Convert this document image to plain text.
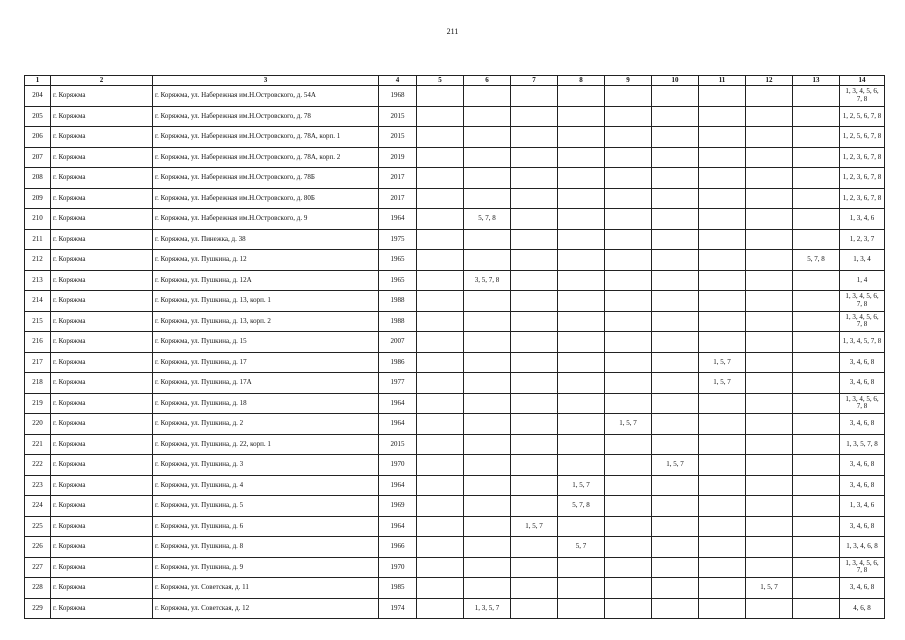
211
1	2	3	4	5	6	7	8	9	10	11	12	13	14
204	г. Коряжма	г. Коряжма, ул. Набережная им.Н.Островского, д. 54А	1968										1, 3, 4, 5, 6, 7, 8
205	г. Коряжма	г. Коряжма, ул. Набережная им.Н.Островского, д. 78	2015										1, 2, 5, 6, 7, 8
206	г. Коряжма	г. Коряжма, ул. Набережная им.Н.Островского, д. 78А, корп. 1	2015										1, 2, 5, 6, 7, 8
207	г. Коряжма	г. Коряжма, ул. Набережная им.Н.Островского, д. 78А, корп. 2	2019										1, 2, 3, 6, 7, 8
208	г. Коряжма	г. Коряжма, ул. Набережная им.Н.Островского, д. 78Б	2017										1, 2, 3, 6, 7, 8
209	г. Коряжма	г. Коряжма, ул. Набережная им.Н.Островского, д. 80Б	2017										1, 2, 3, 6, 7, 8
210	г. Коряжма	г. Коряжма, ул. Набережная им.Н.Островского, д. 9	1964		5, 7, 8								1, 3, 4, 6
211	г. Коряжма	г. Коряжма, ул. Пинежка, д. 38	1975										1, 2, 3, 7
212	г. Коряжма	г. Коряжма, ул. Пушкина, д. 12	1965									5, 7, 8	1, 3, 4
213	г. Коряжма	г. Коряжма, ул. Пушкина, д. 12А	1965		3, 5, 7, 8								1, 4
214	г. Коряжма	г. Коряжма, ул. Пушкина, д. 13, корп. 1	1988										1, 3, 4, 5, 6, 7, 8
215	г. Коряжма	г. Коряжма, ул. Пушкина, д. 13, корп. 2	1988										1, 3, 4, 5, 6, 7, 8
216	г. Коряжма	г. Коряжма, ул. Пушкина, д. 15	2007										1, 3, 4, 5, 7, 8
217	г. Коряжма	г. Коряжма, ул. Пушкина, д. 17	1986							1, 5, 7			3, 4, 6, 8
218	г. Коряжма	г. Коряжма, ул. Пушкина, д. 17А	1977							1, 5, 7			3, 4, 6, 8
219	г. Коряжма	г. Коряжма, ул. Пушкина, д. 18	1964										1, 3, 4, 5, 6, 7, 8
220	г. Коряжма	г. Коряжма, ул. Пушкина, д. 2	1964					1, 5, 7					3, 4, 6, 8
221	г. Коряжма	г. Коряжма, ул. Пушкина, д. 22, корп. 1	2015										1, 3, 5, 7, 8
222	г. Коряжма	г. Коряжма, ул. Пушкина, д. 3	1970						1, 5, 7				3, 4, 6, 8
223	г. Коряжма	г. Коряжма, ул. Пушкина, д. 4	1964				1, 5, 7						3, 4, 6, 8
224	г. Коряжма	г. Коряжма, ул. Пушкина, д. 5	1969				5, 7, 8						1, 3, 4, 6
225	г. Коряжма	г. Коряжма, ул. Пушкина, д. 6	1964			1, 5, 7							3, 4, 6, 8
226	г. Коряжма	г. Коряжма, ул. Пушкина, д. 8	1966				5, 7						1, 3, 4, 6, 8
227	г. Коряжма	г. Коряжма, ул. Пушкина, д. 9	1970										1, 3, 4, 5, 6, 7, 8
228	г. Коряжма	г. Коряжма, ул. Советская, д. 11	1985								1, 5, 7		3, 4, 6, 8
229	г. Коряжма	г. Коряжма, ул. Советская, д. 12	1974		1, 3, 5, 7								4, 6, 8
